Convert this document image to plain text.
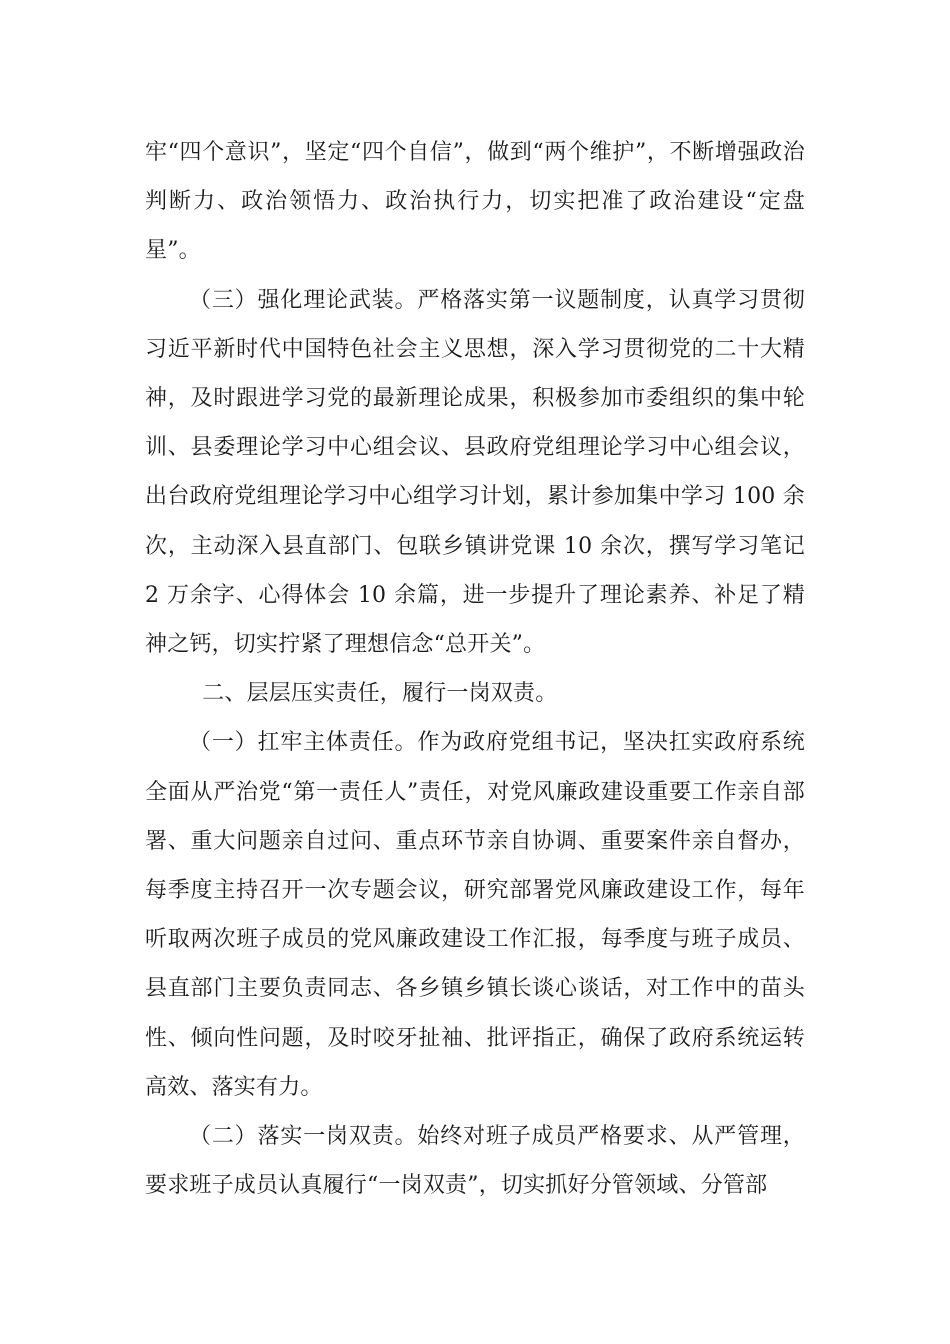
牢“四个意识”，坚定“四个自信”，做到“两个维护”，不断增强政治判断力、政治领悟力、政治执行力，切实把准了政治建设“定盘星”。

（三）强化理论武装。严格落实第一议题制度，认真学习贯彻习近平新时代中国特色社会主义思想，深入学习贯彻党的二十大精神，及时跟进学习党的最新理论成果，积极参加市委组织的集中轮训、县委理论学习中心组会议、县政府党组理论学习中心组会议，出台政府党组理论学习中心组学习计划，累计参加集中学习 100 余次，主动深入县直部门、包联乡镇讲党课 10 余次，撰写学习笔记 2 万余字、心得体会 10 余篇，进一步提升了理论素养、补足了精神之钙，切实拧紧了理想信念“总开关”。

二、层层压实责任，履行一岗双责。

（一）扛牢主体责任。作为政府党组书记，坚决扛实政府系统全面从严治党“第一责任人”责任，对党风廉政建设重要工作亲自部署、重大问题亲自过问、重点环节亲自协调、重要案件亲自督办，每季度主持召开一次专题会议，研究部署党风廉政建设工作，每年听取两次班子成员的党风廉政建设工作汇报，每季度与班子成员、县直部门主要负责同志、各乡镇乡镇长谈心谈话，对工作中的苗头性、倾向性问题，及时咬牙扯袖、批评指正，确保了政府系统运转高效、落实有力。

（二）落实一岗双责。始终对班子成员严格要求、从严管理，要求班子成员认真履行“一岗双责”，切实抓好分管领域、分管部
